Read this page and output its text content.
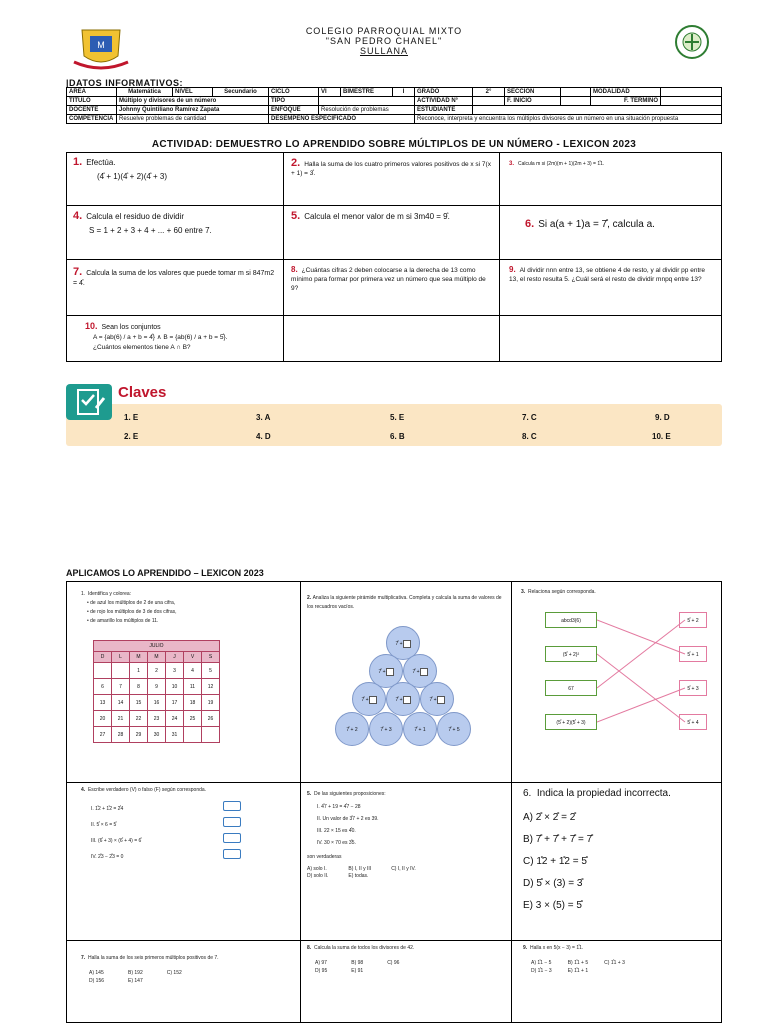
M
COLEGIO PARROQUIAL MIXTO
"SAN PEDRO CHANEL"
SULLANA
|DATOS INFORMATIVOS:
AREA	Matemática	NIVEL	Secundario	CICLO	VI	BIMESTRE	I	GRADO	2°	SECCION		MODALIDAD	
TITULO	Múltiplo y divisores de un número			TIPO				ACTIVIDAD N°		F. INICIO		F. TERMINO	
DOCENTE	Johnny Quintiliano Ramírez Zapata			ENFOQUE	Resolución de problemas			ESTUDIANTE					
COMPETENCIA	Resuelve problemas de cantidad			DESEMPEÑO ESPECIFICADO				Reconoce, interpreta y encuentra los múltiplos divisores de un número en una situación propuesta					
ACTIVIDAD: DEMUESTRO LO APRENDIDO SOBRE MÚLTIPLOS DE UN NÚMERO - LEXICON 2023
1. Efectúa.
(4̊ + 1)(4̊ + 2)(4̊ + 3)
2. Halla la suma de los cuatro primeros valores positivos de x si 7(x + 1) = 3̊.
3. Calcula m si (2m)(m + 1)(2m + 3) = 1̊1.
4. Calcula el residuo de dividir
S = 1 + 2 + 3 + 4 + ... + 60 entre 7.
5. Calcula el menor valor de m si 3m40 = 9̊.
6. Si a(a + 1)a = 7̊, calcula a.
7. Calcula la suma de los valores que puede tomar m si 847m2 = 4̊.
8. ¿Cuántas cifras 2 deben colocarse a la derecha de 13 como mínimo para formar por primera vez un número que sea múltiplo de 9?
9. Al dividir nnn entre 13, se obtiene 4 de resto, y al dividir pp entre 13, el resto resulta 5. ¿Cuál será el resto de dividir mnpq entre 13?
10. Sean los conjuntos
A = {ab(6) / a + b = 4̊} ∧ B = {ab(6) / a + b = 5̊}.
¿Cuántos elementos tiene A ∩ B?
Claves
1. E	3. A	5. E	7. C	9. D
2. E	4. D	6. B	8. C	10. E
APLICAMOS LO APRENDIDO – LEXICON 2023
1. Identifica y colorea:
• de azul los múltiplos de 2 de una cifra,
• de rojo los múltiplos de 3 de dos cifras,
• de amarillo los múltiplos de 11.
JULIO						
D	L	M	M	J	V	S
		1	2	3	4	5
6	7	8	9	10	11	12
13	14	15	16	17	18	19
20	21	22	23	24	25	26
27	28	29	30	31		
2. Analiza la siguiente pirámide multiplicativa. Completa y calcula la suma de valores de los recuadros vacíos.
7̊ +
7̊ +	7̊ +
7̊ +	7̊ +	7̊ +
7̊ + 2	7̊ + 3	7̊ + 1	7̊ + 5
3. Relaciona según corresponda.
abcd3(6)
(5̊ + 2)²
67
(5̊ + 2)(5̊ + 3)
5̊ + 2
5̊ + 1
5̊ + 3
5̊ + 4
4. Escribe verdadero (V) o falso (F) según corresponda.
I. 1̊2 + 1̊2 = 2̊4
II. 5̊ × 6 = 5̊
III. (6̊ + 3) × (6̊ + 4) = 6̊
IV. 2̊3 − 2̊3 = 0
5. De las siguientes proposiciones:
I. 4̊7 + 19 = 4̊7 − 28
II. Un valor de 3̊7 + 2 es 39.
III. 22 × 15 es 4̊0.
IV. 30 × 70 es 3̊5.
son verdaderas
A) solo I.
D) solo II.
B) I, II y III
E) todas.
C) I, II y IV.
6. Indica la propiedad incorrecta.
A) 2̊ × 2̊ = 2̊
B) 7̊ + 7̊ + 7̊ = 7̊
C) 1̊2 + 1̊2 = 5̊
D) 5̊ × (3) = 3̊
E) 3 × (5) = 5̊
7. Halla la suma de los seis primeros múltiplos positivos de 7.
A) 145
D) 156
B) 192
E) 147
C) 152
8. Calcula la suma de todos los divisores de 42.
A) 97
D) 95
B) 98
E) 91
C) 96
9. Halla x en 5(x − 3) = 1̊1.
A) 1̊1 − 5
D) 1̊1 − 3
B) 1̊1 + 5
E) 1̊1 + 1
C) 1̊1 + 3
